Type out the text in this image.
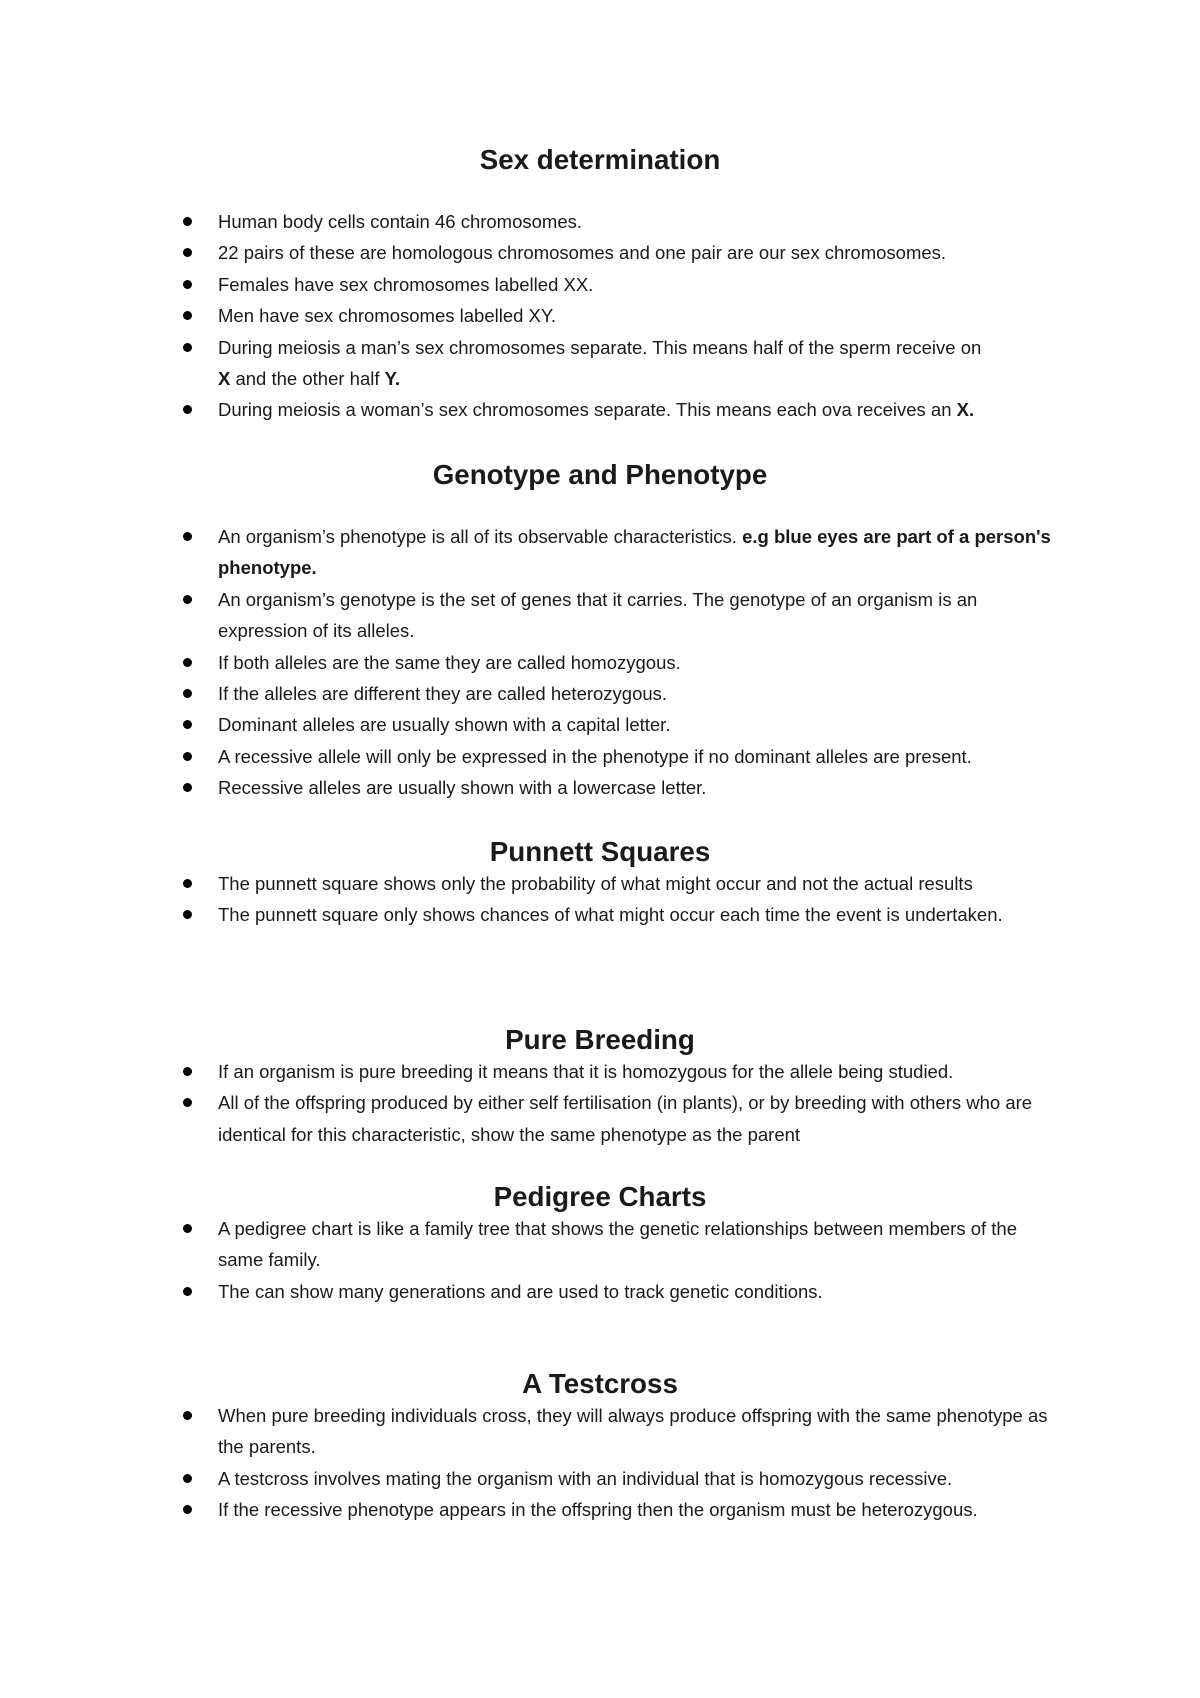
Sex determination
Human body cells contain 46 chromosomes.
22 pairs of these are homologous chromosomes and one pair are our sex chromosomes.
Females have sex chromosomes labelled XX.
Men have sex chromosomes labelled XY.
During meiosis a man’s sex chromosomes separate. This means half of the sperm receive on
X and the other half Y.
During meiosis a woman’s sex chromosomes separate. This means each ova receives an X.
Genotype and Phenotype
An organism’s phenotype is all of its observable characteristics. e.g blue eyes are part of a person's phenotype.
An organism’s genotype is the set of genes that it carries. The genotype of an organism is an expression of its alleles.
If both alleles are the same they are called homozygous.
If the alleles are different they are called heterozygous.
Dominant alleles are usually shown with a capital letter.
A recessive allele will only be expressed in the phenotype if no dominant alleles are present.
Recessive alleles are usually shown with a lowercase letter.
Punnett Squares
The punnett square shows only the probability of what might occur and not the actual results
The punnett square only shows chances of what might occur each time the event is undertaken.
Pure Breeding
If an organism is pure breeding it means that it is homozygous for the allele being studied.
All of the offspring produced by either self fertilisation (in plants), or by breeding with others who are identical for this characteristic, show the same phenotype as the parent
Pedigree Charts
A pedigree chart is like a family tree that shows the genetic relationships between members of the same family.
The can show many generations and are used to track genetic conditions.
A Testcross
When pure breeding individuals cross, they will always produce offspring with the same phenotype as the parents.
A testcross involves mating the organism with an individual that is homozygous recessive.
If the recessive phenotype appears in the offspring then the organism must be heterozygous.
